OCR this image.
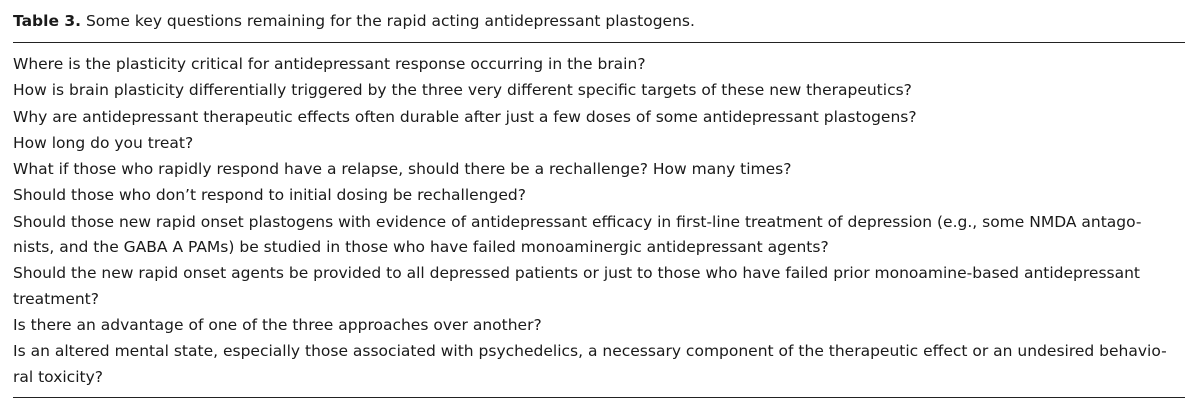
Table 3. Some key questions remaining for the rapid acting antidepressant plastogens.

Where is the plasticity critical for antidepressant response occurring in the brain?
How is brain plasticity differentially triggered by the three very different specific targets of these new therapeutics?
Why are antidepressant therapeutic effects often durable after just a few doses of some antidepressant plastogens?
How long do you treat?
What if those who rapidly respond have a relapse, should there be a rechallenge? How many times?
Should those who don’t respond to initial dosing be rechallenged?
Should those new rapid onset plastogens with evidence of antidepressant efficacy in first-line treatment of depression (e.g., some NMDA antago-
nists, and the GABA A PAMs) be studied in those who have failed monoaminergic antidepressant agents?
Should the new rapid onset agents be provided to all depressed patients or just to those who have failed prior monoamine-based antidepressant
treatment?
Is there an advantage of one of the three approaches over another?
Is an altered mental state, especially those associated with psychedelics, a necessary component of the therapeutic effect or an undesired behavio-
ral toxicity?
